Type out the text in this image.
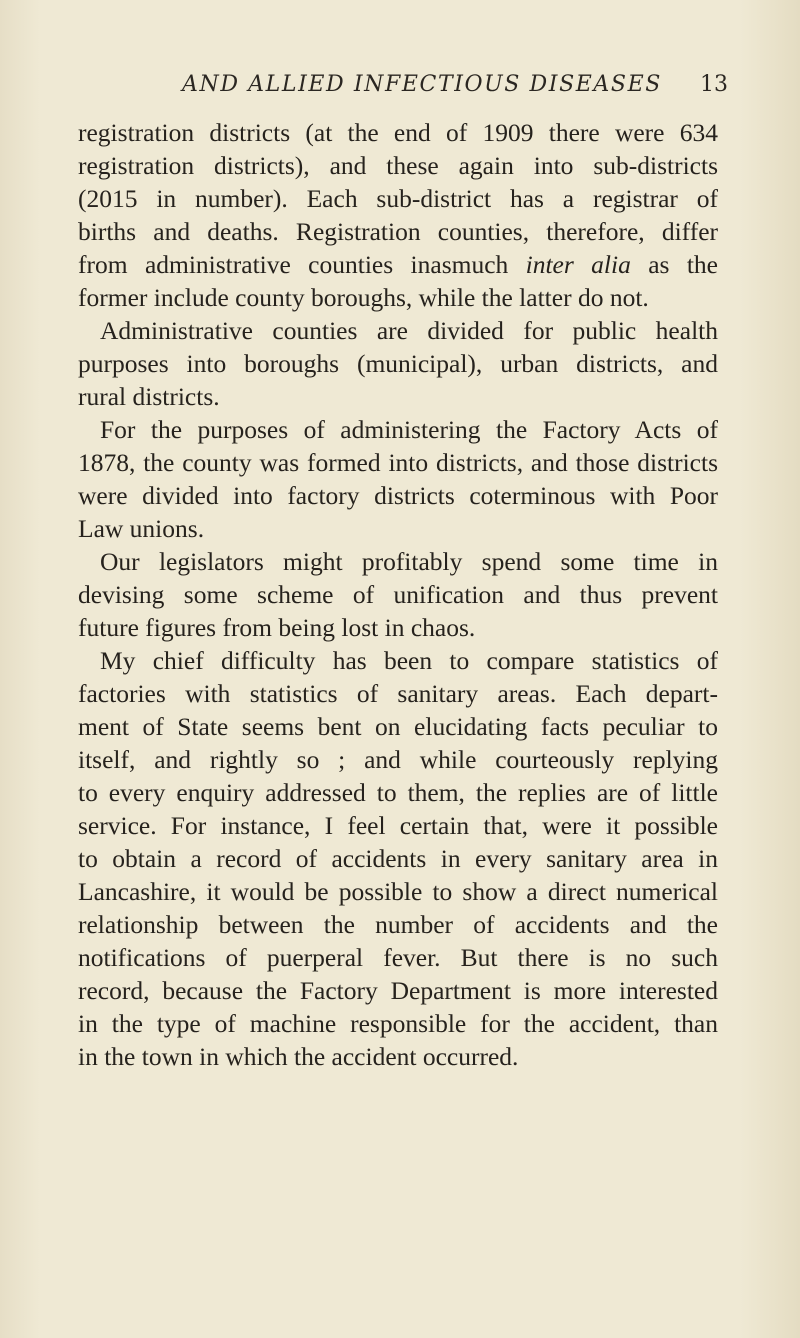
AND ALLIED INFECTIOUS DISEASES 13
registration districts (at the end of 1909 there were 634
registration districts), and these again into sub-districts
(2015 in number). Each sub-district has a registrar of
births and deaths. Registration counties, therefore, differ
from administrative counties inasmuch inter alia as the
former include county boroughs, while the latter do not.
Administrative counties are divided for public health
purposes into boroughs (municipal), urban districts, and
rural districts.
For the purposes of administering the Factory Acts of
1878, the county was formed into districts, and those districts
were divided into factory districts coterminous with Poor
Law unions.
Our legislators might profitably spend some time in
devising some scheme of unification and thus prevent
future figures from being lost in chaos.
My chief difficulty has been to compare statistics of
factories with statistics of sanitary areas. Each depart-
ment of State seems bent on elucidating facts peculiar to
itself, and rightly so ; and while courteously replying
to every enquiry addressed to them, the replies are of little
service. For instance, I feel certain that, were it possible
to obtain a record of accidents in every sanitary area in
Lancashire, it would be possible to show a direct numerical
relationship between the number of accidents and the
notifications of puerperal fever. But there is no such
record, because the Factory Department is more interested
in the type of machine responsible for the accident, than
in the town in which the accident occurred.
